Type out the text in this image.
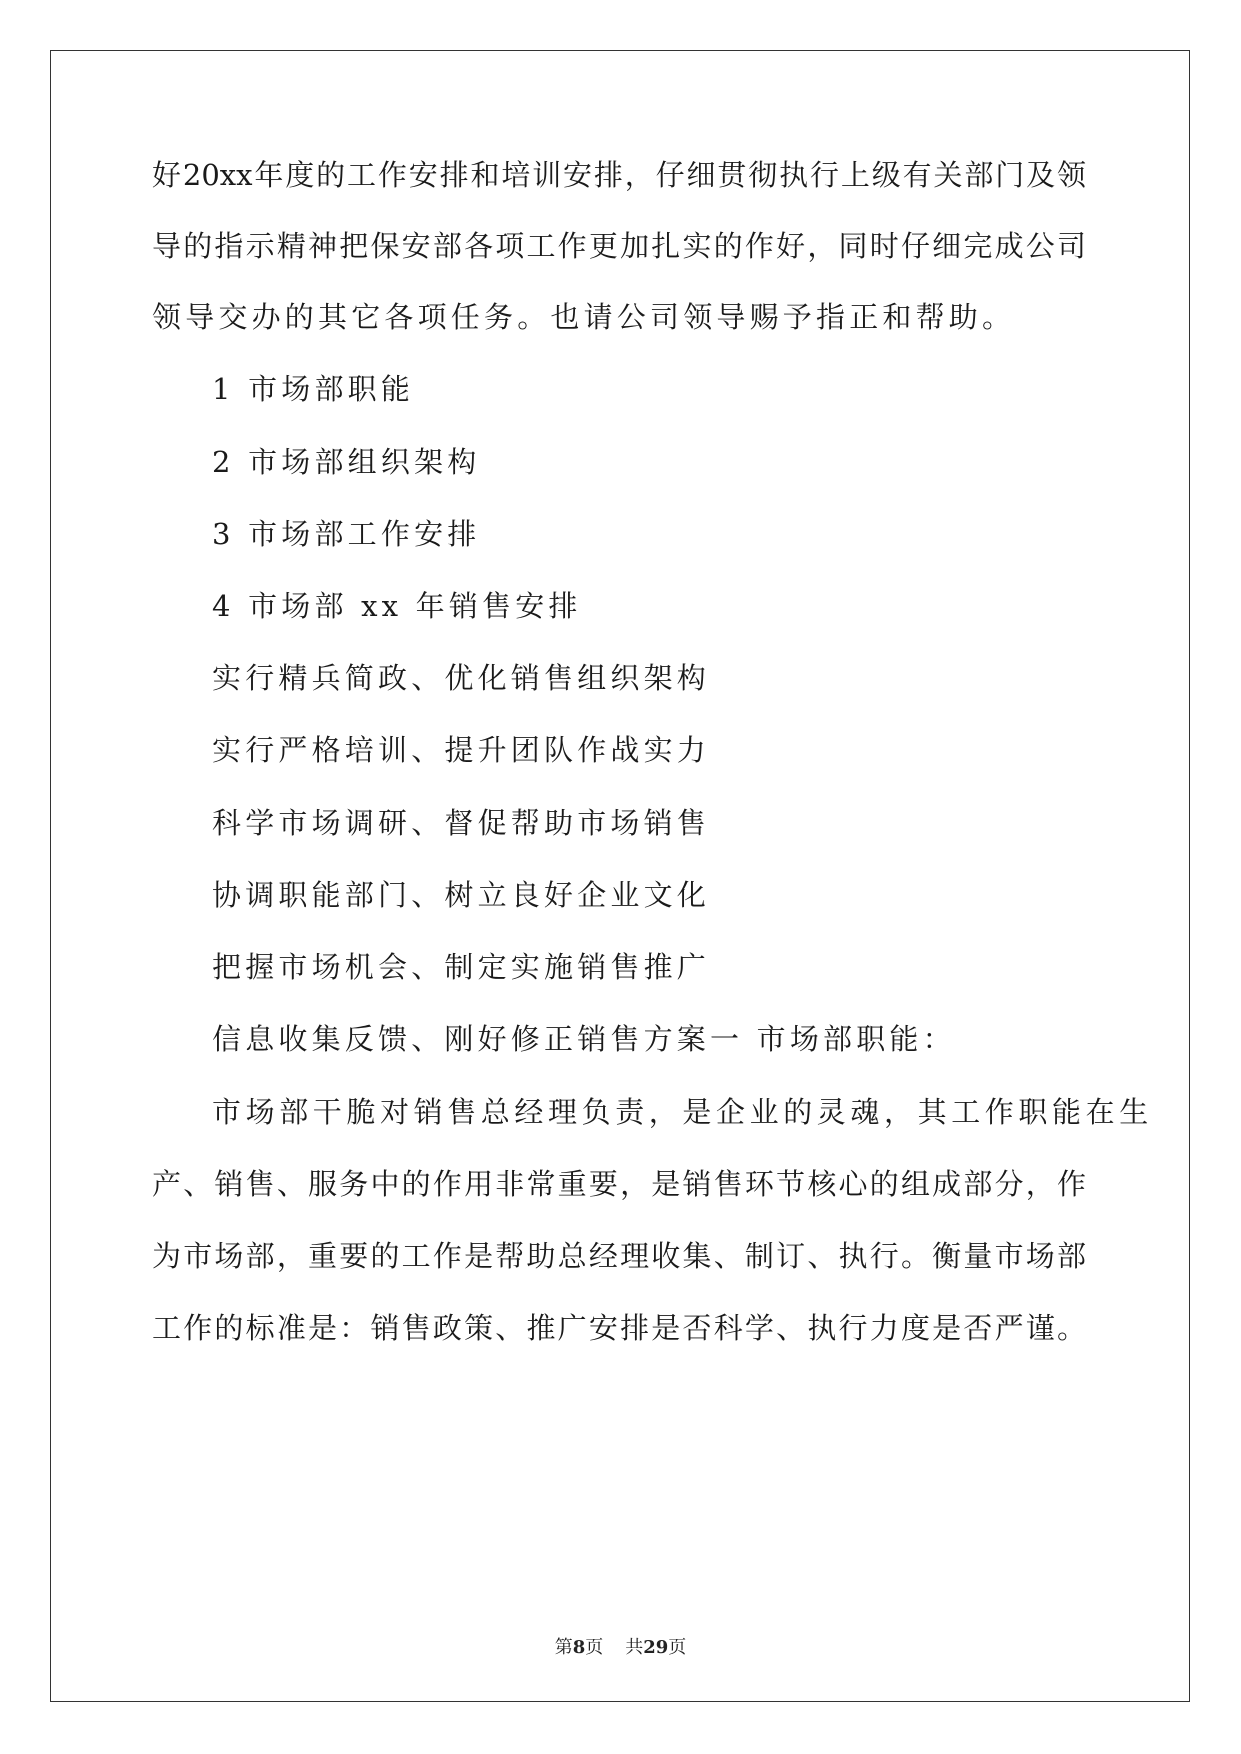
好20xx年度的工作安排和培训安排，仔细贯彻执行上级有关部门及领
导的指示精神把保安部各项工作更加扎实的作好，同时仔细完成公司
领导交办的其它各项任务。也请公司领导赐予指正和帮助。
1 市场部职能
2 市场部组织架构
3 市场部工作安排
4 市场部 xx 年销售安排
实行精兵简政、优化销售组织架构
实行严格培训、提升团队作战实力
科学市场调研、督促帮助市场销售
协调职能部门、树立良好企业文化
把握市场机会、制定实施销售推广
信息收集反馈、刚好修正销售方案一 市场部职能：
市场部干脆对销售总经理负责，是企业的灵魂，其工作职能在生
产、销售、服务中的作用非常重要，是销售环节核心的组成部分，作
为市场部，重要的工作是帮助总经理收集、制订、执行。衡量市场部
工作的标准是：销售政策、推广安排是否科学、执行力度是否严谨。
第8页 共29页
